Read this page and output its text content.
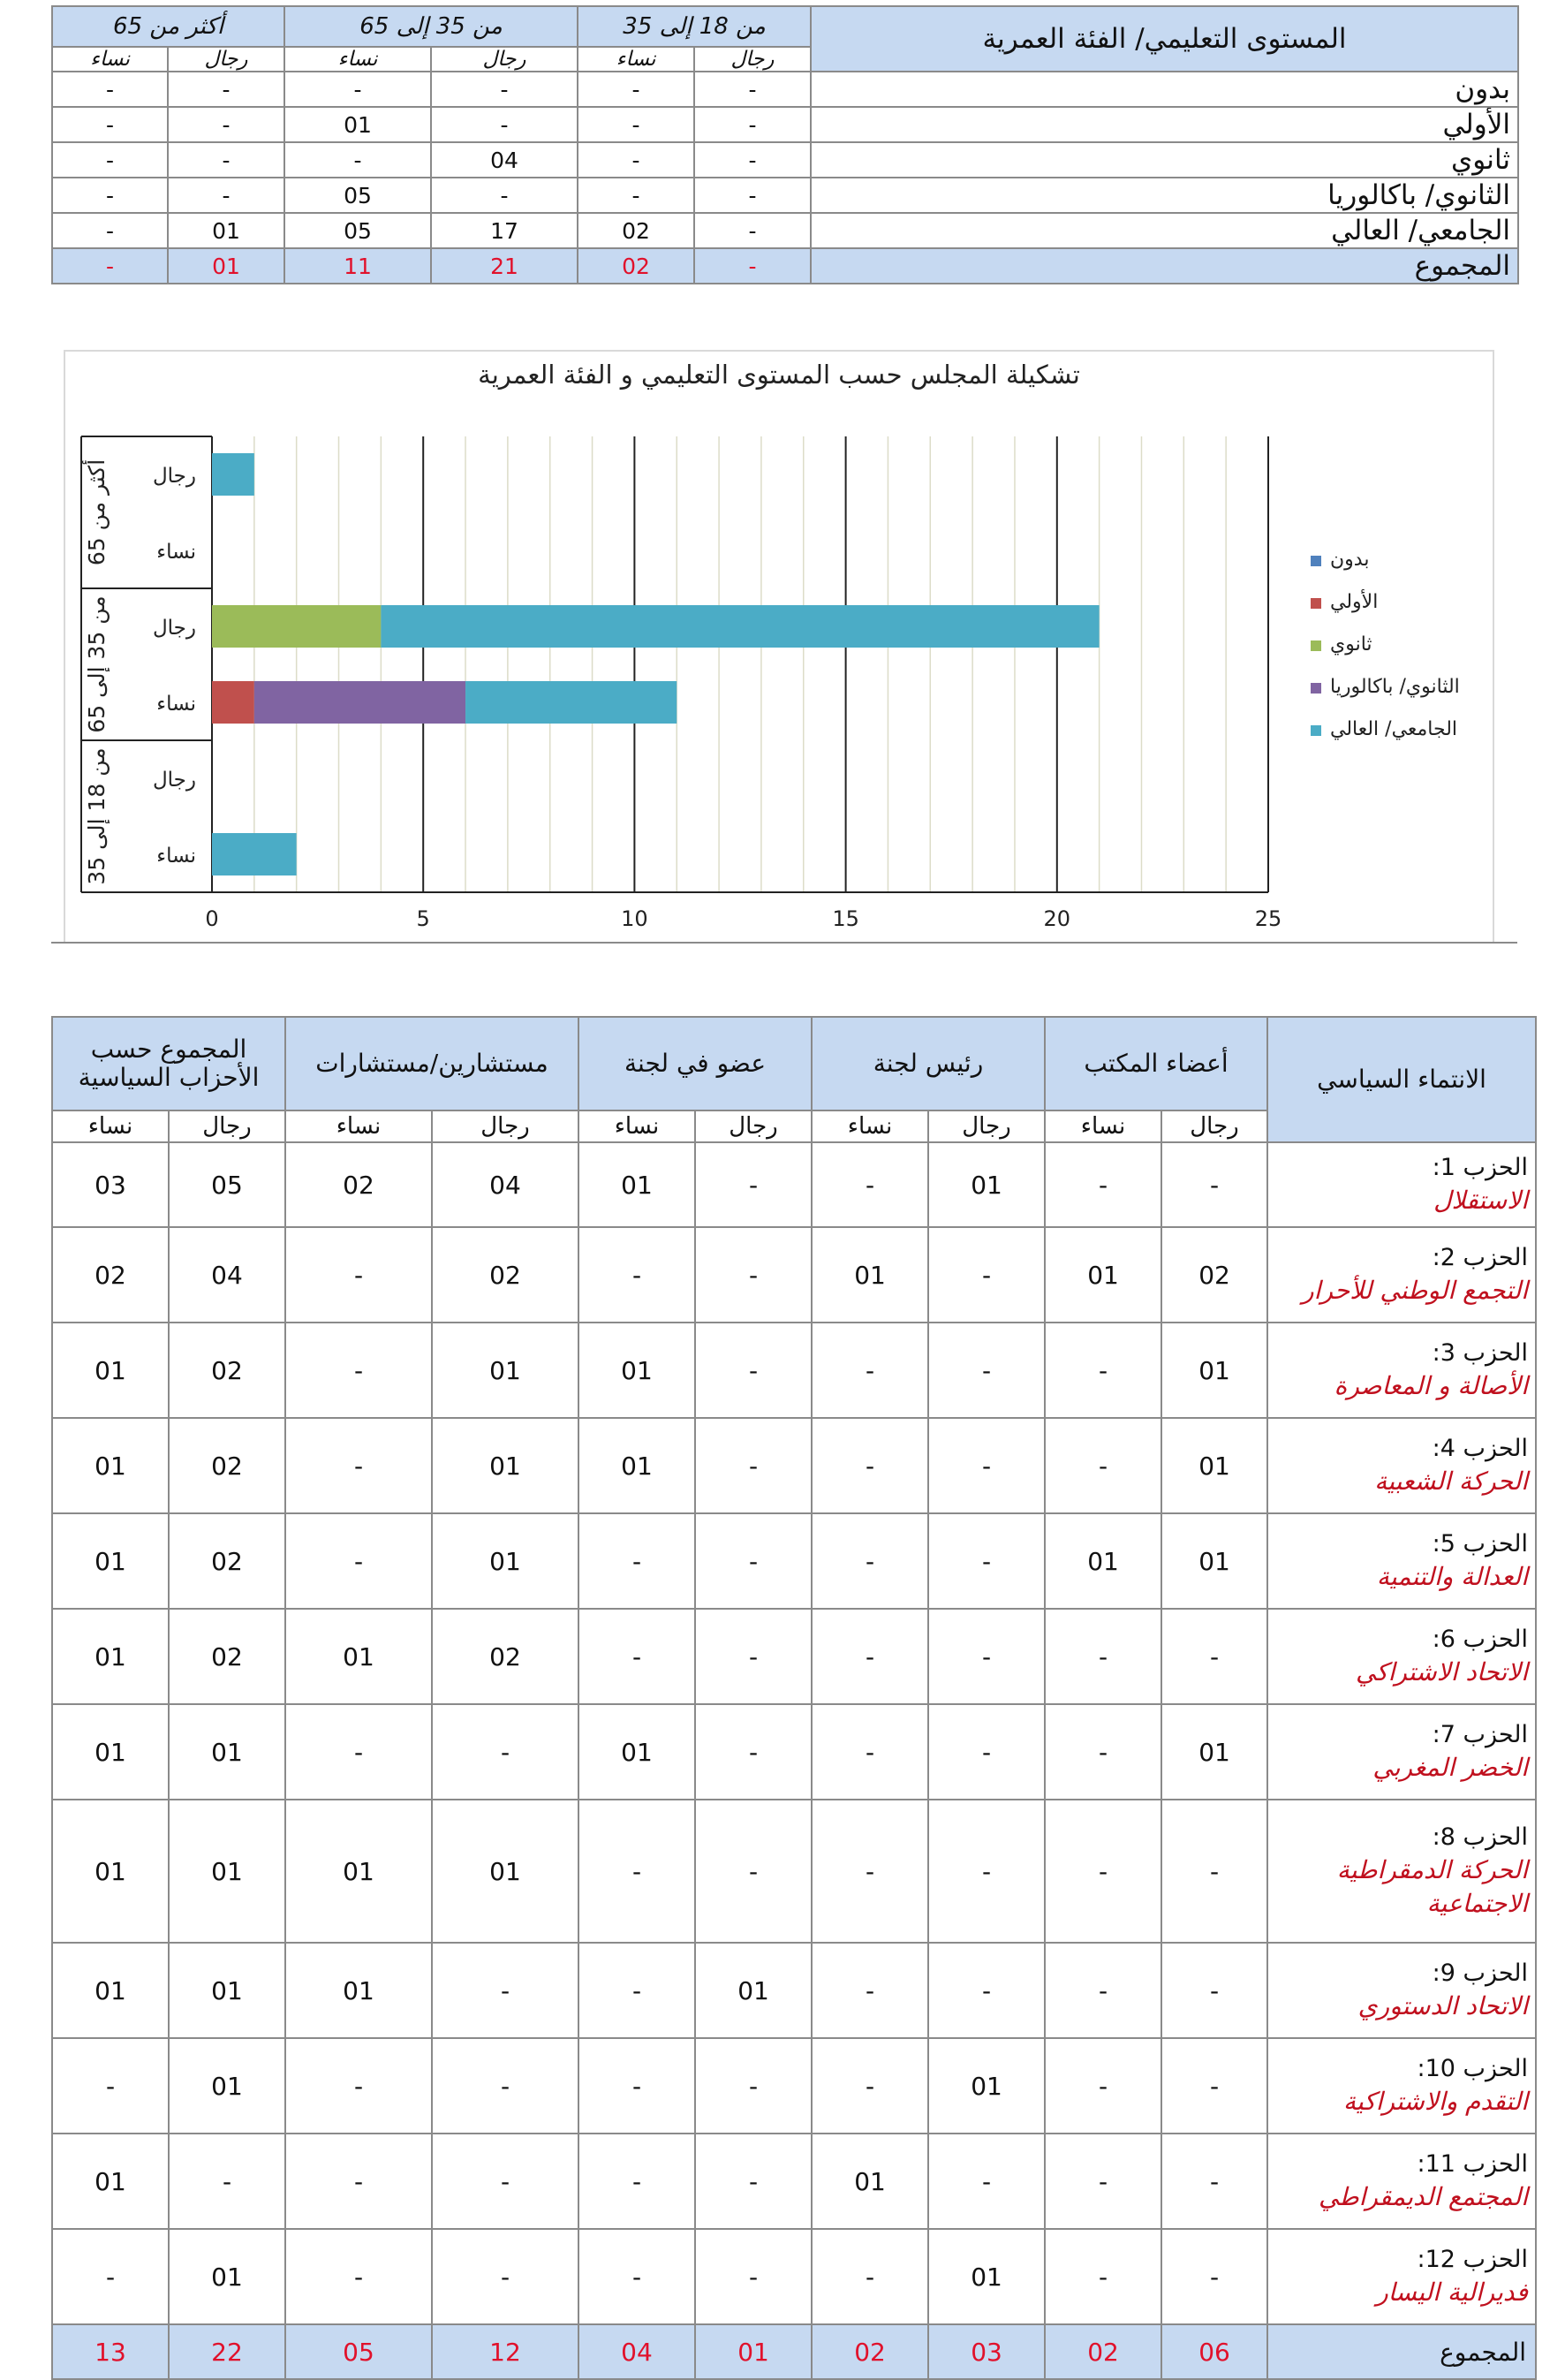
أكثر من 65		من 35 إلى 65		من 18 إلى 35		المستوى التعليمي/ الفئة العمرية
نساء	رجال	نساء	رجال	نساء	رجال	
-	-	-	-	-	-	بدون
-	-	01	-	-	-	الأولي
-	-	-	04	-	-	ثانوي
-	-	05	-	-	-	الثانوي/ باكالوريا
-	01	05	17	02	-	الجامعي/ العالي
-	01	11	21	02	-	المجموع
تشكيلة المجلس حسب المستوى التعليمي و الفئة العمرية
0	5	10	15	20	25
أكثر من 65
من 35 إلى 65
من 18 إلى 35
نساء
رجال
نساء
رجال
نساء
رجال
بدون
الأولي
ثانوي
الثانوي/ باكالوريا
الجامعي/ العالي
المجموع حسب الأحزاب السياسية		مستشارين/مستشارات		عضو في لجنة		رئيس لجنة		أعضاء المكتب		الانتماء السياسي
نساء	رجال	نساء	رجال	نساء	رجال	نساء	رجال	نساء	رجال	
03	05	02	04	01	-	-	01	-	-	الحزب 1:
الاستقلال

02	04	-	02	-	-	01	-	01	02	الحزب 2:
التجمع الوطني للأحرار

01	02	-	01	01	-	-	-	-	01	الحزب 3:
الأصالة و المعاصرة

01	02	-	01	01	-	-	-	-	01	الحزب 4:
الحركة الشعبية

01	02	-	01	-	-	-	-	01	01	الحزب 5:
العدالة والتنمية

01	02	01	02	-	-	-	-	-	-	الحزب 6:
الاتحاد الاشتراكي

01	01	-	-	01	-	-	-	-	01	الحزب 7:
الخضر المغربي

01	01	01	01	-	-	-	-	-	-	الحزب 8:
الحركة الدمقراطية الاجتماعية

01	01	01	-	-	01	-	-	-	-	الحزب 9:
الاتحاد الدستوري

-	01	-	-	-	-	-	01	-	-	الحزب 10:
التقدم والاشتراكية

01	-	-	-	-	-	01	-	-	-	الحزب 11:
المجتمع الديمقراطي

-	01	-	-	-	-	-	01	-	-	الحزب 12:
فديرالية اليسار

13	22	05	12	04	01	02	03	02	06	المجموع
